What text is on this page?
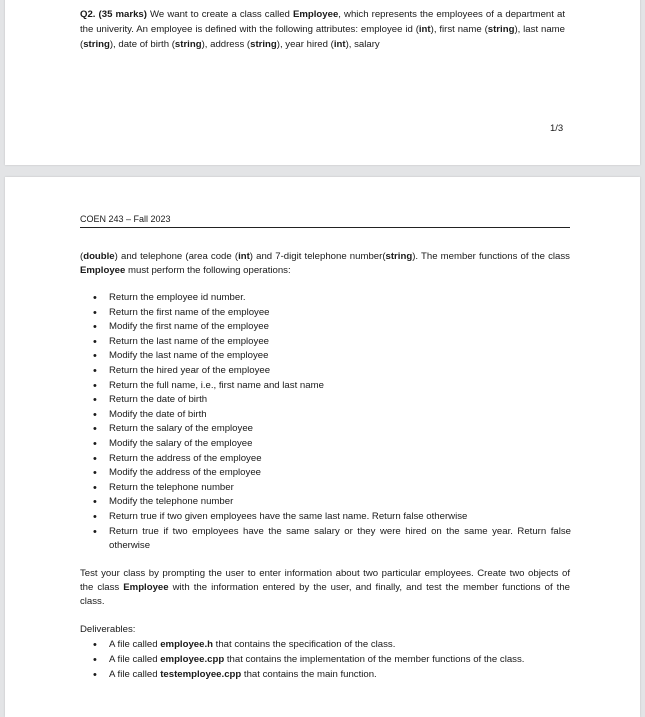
Q2. (35 marks) We want to create a class called Employee, which represents the employees of a department at the univerity. An employee is defined with the following attributes: employee id (int), first name (string), last name (string), date of birth (string), address (string), year hired (int), salary

1/3
COEN 243 – Fall 2023

(double) and telephone (area code (int) and 7-digit telephone number(string). The member functions of the class Employee must perform the following operations:

• Return the employee id number.
• Return the first name of the employee
• Modify the first name of the employee
• Return the last name of the employee
• Modify the last name of the employee
• Return the hired year of the employee
• Return the full name, i.e., first name and last name
• Return the date of birth
• Modify the date of birth
• Return the salary of the employee
• Modify the salary of the employee
• Return the address of the employee
• Modify the address of the employee
• Return the telephone number
• Modify the telephone number
• Return true if two given employees have the same last name. Return false otherwise
• Return true if two employees have the same salary or they were hired on the same year. Return false otherwise

Test your class by prompting the user to enter information about two particular employees. Create two objects of the class Employee with the information entered by the user, and finally, and test the member functions of the class.

Deliverables:
• A file called employee.h that contains the specification of the class.
• A file called employee.cpp that contains the implementation of the member functions of the class.
• A file called testemployee.cpp that contains the main function.
